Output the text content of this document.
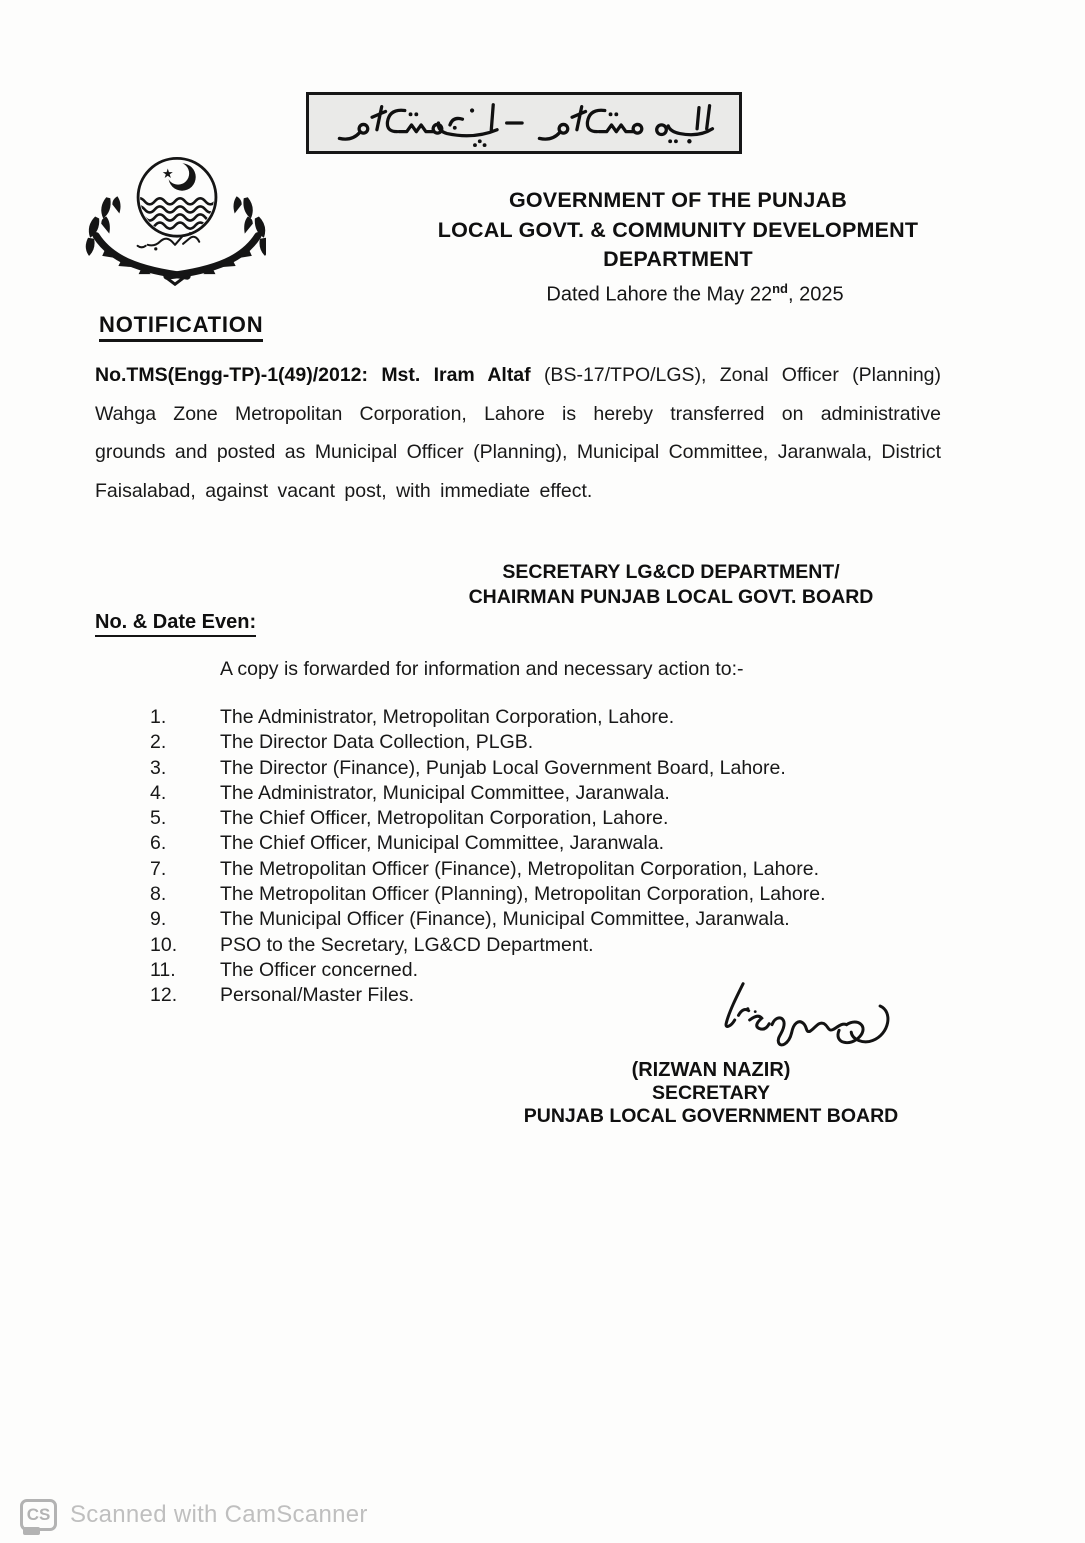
★
GOVERNMENT OF THE PUNJAB
LOCAL GOVT. & COMMUNITY DEVELOPMENT
DEPARTMENT
Dated Lahore the May 22nd, 2025
NOTIFICATION

No.TMS(Engg-TP)-1(49)/2012: Mst. Iram Altaf (BS-17/TPO/LGS), Zonal Officer (Planning) Wahga Zone Metropolitan Corporation, Lahore is hereby transferred on administrative grounds and posted as Municipal Officer (Planning), Municipal Committee, Jaranwala, District Faisalabad, against vacant post, with immediate effect.

SECRETARY LG&CD DEPARTMENT/
CHAIRMAN PUNJAB LOCAL GOVT. BOARD
No. & Date Even:
A copy is forwarded for information and necessary action to:-
1.	The Administrator, Metropolitan Corporation, Lahore.
2.	The Director Data Collection, PLGB.
3.	The Director (Finance), Punjab Local Government Board, Lahore.
4.	The Administrator, Municipal Committee, Jaranwala.
5.	The Chief Officer, Metropolitan Corporation, Lahore.
6.	The Chief Officer, Municipal Committee, Jaranwala.
7.	The Metropolitan Officer (Finance), Metropolitan Corporation, Lahore.
8.	The Metropolitan Officer (Planning), Metropolitan Corporation, Lahore.
9.	The Municipal Officer (Finance), Municipal Committee, Jaranwala.
10.	PSO to the Secretary, LG&CD Department.
11.	The Officer concerned.
12.	Personal/Master Files.
(RIZWAN NAZIR)
SECRETARY
PUNJAB LOCAL GOVERNMENT BOARD
CS Scanned with CamScanner
